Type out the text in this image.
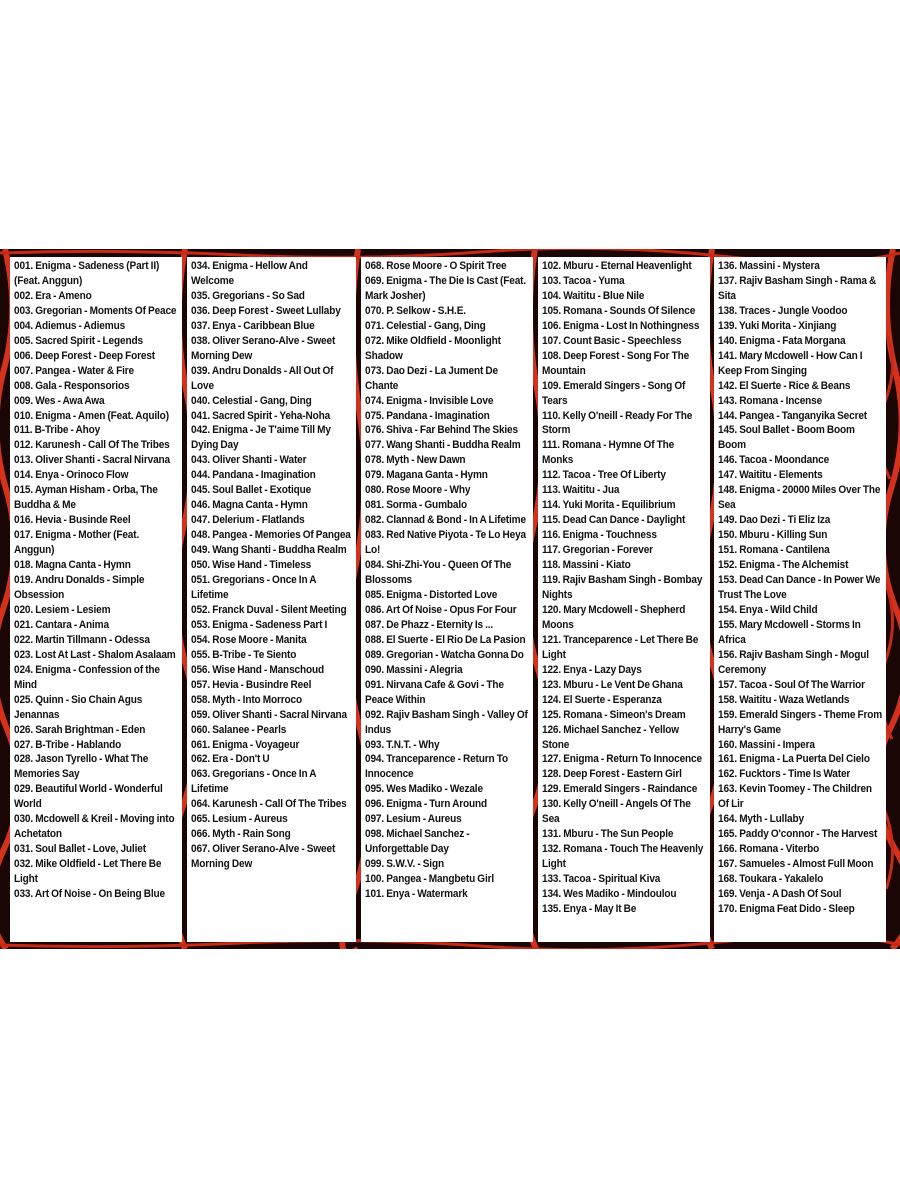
001. Enigma - Sadeness (Part II) (Feat. Anggun)
002. Era - Ameno
003. Gregorian - Moments Of Peace
004. Adiemus - Adiemus
005. Sacred Spirit - Legends
006. Deep Forest - Deep Forest
007. Pangea - Water & Fire
008. Gala - Responsorios
009. Wes - Awa Awa
010. Enigma - Amen (Feat. Aquilo)
011. B-Tribe - Ahoy
012. Karunesh - Call Of The Tribes
013. Oliver Shanti - Sacral Nirvana
014. Enya - Orinoco Flow
015. Ayman Hisham - Orba, The Buddha & Me
016. Hevia - Businde Reel
017. Enigma - Mother (Feat. Anggun)
018. Magna Canta - Hymn
019. Andru Donalds - Simple Obsession
020. Lesiem - Lesiem
021. Cantara - Anima
022. Martin Tillmann - Odessa
023. Lost At Last - Shalom Asalaam
024. Enigma - Confession of the Mind
025. Quinn - Sio Chain Agus Jenannas
026. Sarah Brightman - Eden
027. B-Tribe - Hablando
028. Jason Tyrello - What The Memories Say
029. Beautiful World - Wonderful World
030. Mcdowell & Kreil - Moving into Achetaton
031. Soul Ballet - Love, Juliet
032. Mike Oldfield - Let There Be Light
033. Art Of Noise - On Being Blue
034. Enigma - Hellow And Welcome
035. Gregorians - So Sad
036. Deep Forest - Sweet Lullaby
037. Enya - Caribbean Blue
038. Oliver Serano-Alve - Sweet Morning Dew
039. Andru Donalds - All Out Of Love
040. Celestial - Gang, Ding
041. Sacred Spirit - Yeha-Noha
042. Enigma - Je T'aime Till My Dying Day
043. Oliver Shanti - Water
044. Pandana - Imagination
045. Soul Ballet - Exotique
046. Magna Canta - Hymn
047. Delerium - Flatlands
048. Pangea - Memories Of Pangea
049. Wang Shanti - Buddha Realm
050. Wise Hand - Timeless
051. Gregorians - Once In A Lifetime
052. Franck Duval - Silent Meeting
053. Enigma - Sadeness Part I
054. Rose Moore - Manita
055. B-Tribe - Te Siento
056. Wise Hand - Manschoud
057. Hevia - Busindre Reel
058. Myth - Into Morroco
059. Oliver Shanti - Sacral Nirvana
060. Salanee - Pearls
061. Enigma - Voyageur
062. Era - Don't U
063. Gregorians - Once In A Lifetime
064. Karunesh - Call Of The Tribes
065. Lesium - Aureus
066. Myth - Rain Song
067. Oliver Serano-Alve - Sweet Morning Dew
068. Rose Moore - O Spirit Tree
069. Enigma - The Die Is Cast (Feat. Mark Josher)
070. P. Selkow - S.H.E.
071. Celestial - Gang, Ding
072. Mike Oldfield - Moonlight Shadow
073. Dao Dezi - La Jument De Chante
074. Enigma - Invisible Love
075. Pandana - Imagination
076. Shiva - Far Behind The Skies
077. Wang Shanti - Buddha Realm
078. Myth - New Dawn
079. Magana Ganta - Hymn
080. Rose Moore - Why
081. Sorma - Gumbalo
082. Clannad & Bond - In A Lifetime
083. Red Native Piyota - Te Lo Heya Lo!
084. Shi-Zhi-You - Queen Of The Blossoms
085. Enigma - Distorted Love
086. Art Of Noise - Opus For Four
087. De Phazz - Eternity Is ...
088. El Suerte - El Rio De La Pasion
089. Gregorian - Watcha Gonna Do
090. Massini - Alegria
091. Nirvana Cafe & Govi - The Peace Within
092. Rajiv Basham Singh - Valley Of Indus
093. T.N.T. - Why
094. Tranceparence - Return To Innocence
095. Wes Madiko - Wezale
096. Enigma - Turn Around
097. Lesium - Aureus
098. Michael Sanchez - Unforgettable Day
099. S.W.V. - Sign
100. Pangea - Mangbetu Girl
101. Enya - Watermark
102. Mburu - Eternal Heavenlight
103. Tacoa - Yuma
104. Waititu - Blue Nile
105. Romana - Sounds Of Silence
106. Enigma - Lost In Nothingness
107. Count Basic - Speechless
108. Deep Forest - Song For The Mountain
109. Emerald Singers - Song Of Tears
110. Kelly O'neill - Ready For The Storm
111. Romana - Hymne Of The Monks
112. Tacoa - Tree Of Liberty
113. Waititu - Jua
114. Yuki Morita - Equilibrium
115. Dead Can Dance - Daylight
116. Enigma - Touchness
117. Gregorian - Forever
118. Massini - Kiato
119. Rajiv Basham Singh - Bombay Nights
120. Mary Mcdowell - Shepherd Moons
121. Tranceparence - Let There Be Light
122. Enya - Lazy Days
123. Mburu - Le Vent De Ghana
124. El Suerte - Esperanza
125. Romana - Simeon's Dream
126. Michael Sanchez - Yellow Stone
127. Enigma - Return To Innocence
128. Deep Forest - Eastern Girl
129. Emerald Singers - Raindance
130. Kelly O'neill - Angels Of The Sea
131. Mburu - The Sun People
132. Romana - Touch The Heavenly Light
133. Tacoa - Spiritual Kiva
134. Wes Madiko - Mindoulou
135. Enya - May It Be
136. Massini - Mystera
137. Rajiv Basham Singh - Rama & Sita
138. Traces - Jungle Voodoo
139. Yuki Morita - Xinjiang
140. Enigma - Fata Morgana
141. Mary Mcdowell - How Can I Keep From Singing
142. El Suerte - Rice & Beans
143. Romana - Incense
144. Pangea - Tanganyika Secret
145. Soul Ballet - Boom Boom Boom
146. Tacoa - Moondance
147. Waititu - Elements
148. Enigma - 20000 Miles Over The Sea
149. Dao Dezi - Ti Eliz Iza
150. Mburu - Killing Sun
151. Romana - Cantilena
152. Enigma - The Alchemist
153. Dead Can Dance - In Power We Trust The Love
154. Enya - Wild Child
155. Mary Mcdowell - Storms In Africa
156. Rajiv Basham Singh - Mogul Ceremony
157. Tacoa - Soul Of The Warrior
158. Waititu - Waza Wetlands
159. Emerald Singers - Theme From Harry's Game
160. Massini - Impera
161. Enigma - La Puerta Del Cielo
162. Fucktors - Time Is Water
163. Kevin Toomey - The Children Of Lir
164. Myth - Lullaby
165. Paddy O'connor - The Harvest
166. Romana - Viterbo
167. Samueles - Almost Full Moon
168. Toukara - Yakalelo
169. Venja - A Dash Of Soul
170. Enigma Feat Dido - Sleep
